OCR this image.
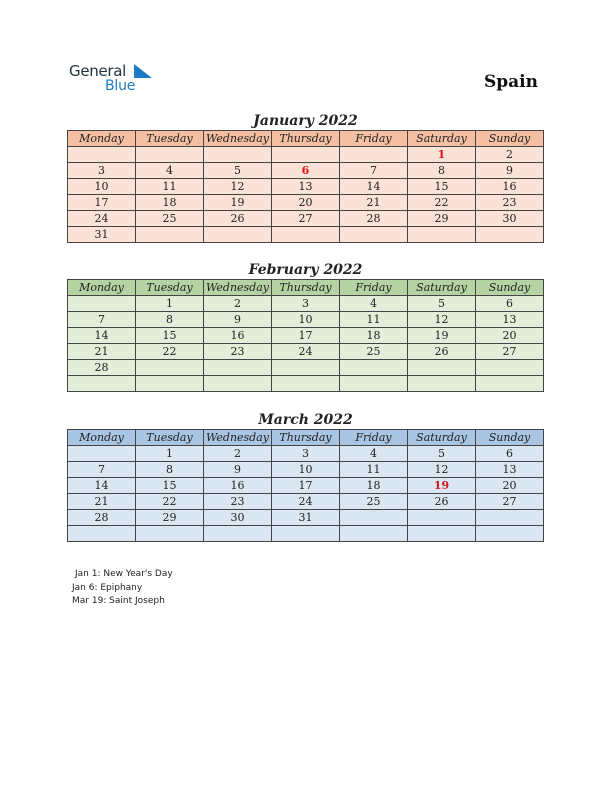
General
Blue	Spain
January 2022
Monday	Tuesday	Wednesday	Thursday	Friday	Saturday	Sunday
					1	2
3	4	5	6	7	8	9
10	11	12	13	14	15	16
17	18	19	20	21	22	23
24	25	26	27	28	29	30
31						
February 2022
Monday	Tuesday	Wednesday	Thursday	Friday	Saturday	Sunday
	1	2	3	4	5	6
7	8	9	10	11	12	13
14	15	16	17	18	19	20
21	22	23	24	25	26	27
28						

March 2022
Monday	Tuesday	Wednesday	Thursday	Friday	Saturday	Sunday
	1	2	3	4	5	6
7	8	9	10	11	12	13
14	15	16	17	18	19	20
21	22	23	24	25	26	27
28	29	30	31			

Jan 1: New Year's Day
Jan 6: Epiphany
Mar 19: Saint Joseph
